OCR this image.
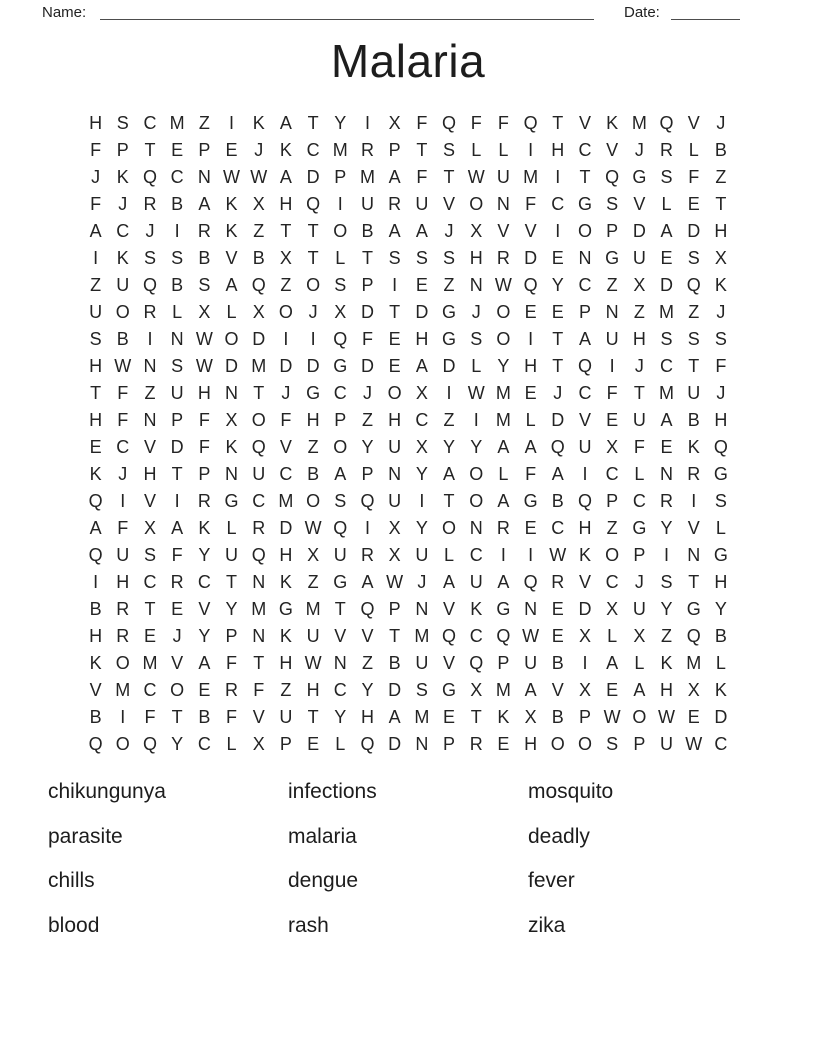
Name:	Date:
Malaria
H S C M Z	I	K A T Y	I	X F Q F F Q T V K M Q V J
F P T E P E J K C M R P T S L L	I	H C V J R L B
J K Q C N W W A D P M A F T W U M I	T Q G S F Z
F J R B A K X H Q I	U R U V O N F C G S V L E T
A C J	I	R K Z T T O B A A J X V V	I O P D A D H
I	K S S B V B X T L T S S S H R D E N G U E S X
Z U Q B S A Q Z O S P	I	E Z N W Q Y C Z X D Q K
U O R L X L X O J X D T D G J O E E P N Z M Z J
S B	I	N W O D	I	I Q F E H G S O I	T A U H S S S
H W N S W D M D D G D E A D L Y H T Q I	J C T F
T F Z U H N T J G C J O X	I W M E J C F T M U J
H F N P F X O F H P Z H C Z	I M L D V E U A B H
E C V D F K Q V Z O Y U X Y Y A A Q U X F E K Q
K J H T P N U C B A P N Y A O L F A	I	C L N R G
Q I	V	I	R G C M O S Q U	I	T O A G B Q P C R	I	S
A F X A K L R D W Q I	X Y O N R E C H Z G Y V L
Q U S F Y U Q H X U R X U L C	I	I W K O P	I	N G
I	H C R C T N K Z G A W J A U A Q R V C J S T H
B R T E V Y M G M T Q P N V K G N E D X U Y G Y
H R E J Y P N K U V V T M Q C Q W E X L X Z Q B
K O M V A F T H W N Z B U V Q P U B	I	A L K M L
V M C O E R F Z H C Y D S G X M A V X E A H X K
B	I	F T B F V U T Y H A M E T K X B P W O W E D
Q O Q Y C L X P E L Q D N P R E H O O S P U W C
chikungunya	infections	mosquito
parasite	malaria	deadly
chills	dengue	fever
blood	rash	zika
